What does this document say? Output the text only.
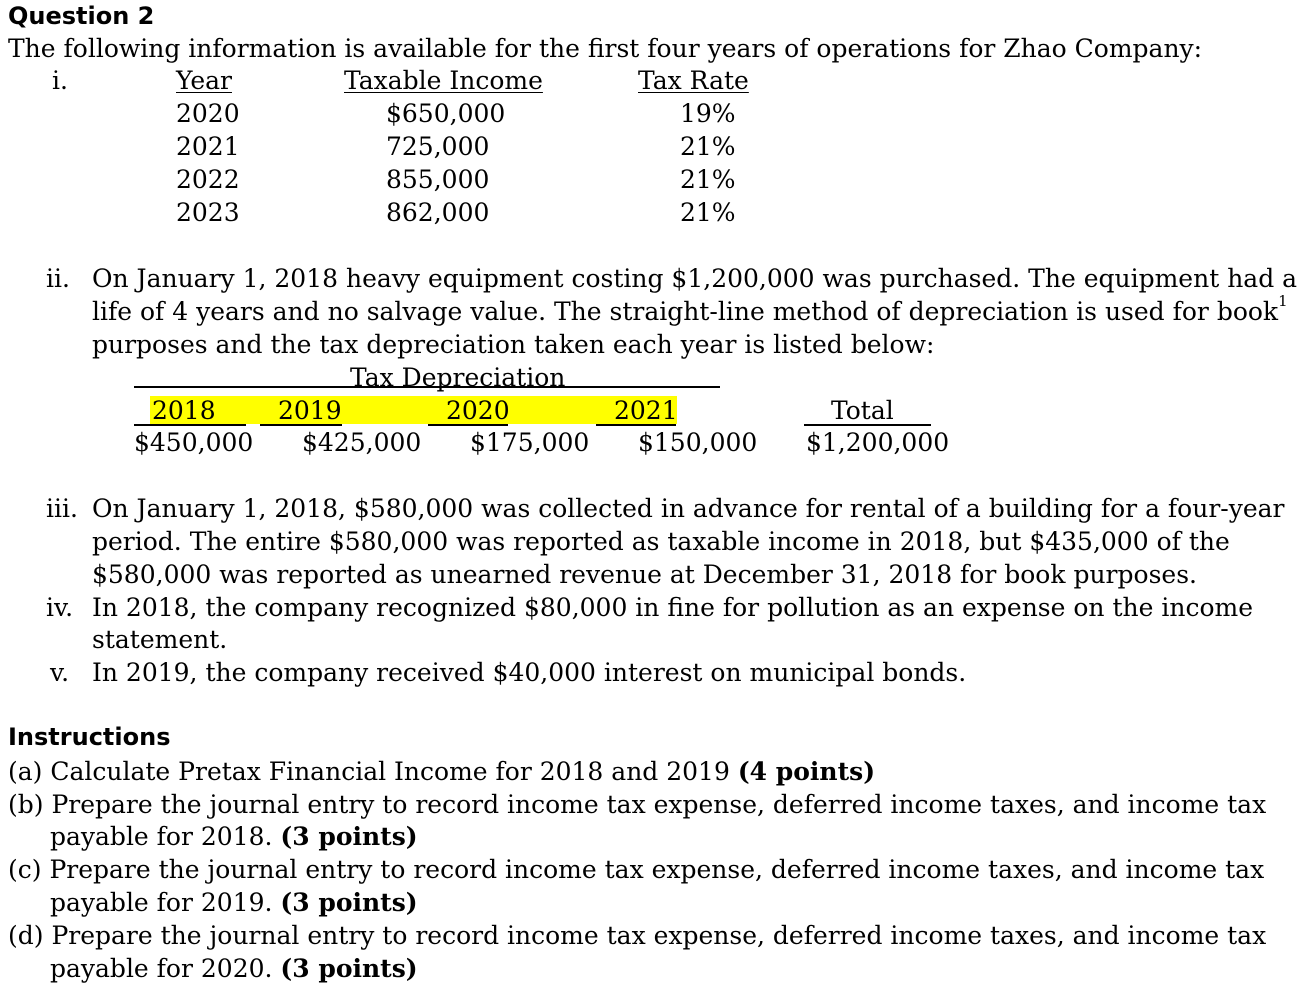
Question 2
The following information is available for the first four years of operations for Zhao Company:
i.	Year	Taxable Income	Tax Rate
2020	$650,000	19%
2021	725,000	21%
2022	855,000	21%
2023	862,000	21%
ii. On January 1, 2018 heavy equipment costing $1,200,000 was purchased. The equipment had a
life of 4 years and no salvage value. The straight-line method of depreciation is used for book$^1$
purposes and the tax depreciation taken each year is listed below:
Tax Depreciation
2018 2019	2020	2021	Total
$450,000 $425,000 $175,000 $150,000 $1,200,000
iii. On January 1, 2018, $580,000 was collected in advance for rental of a building for a four-year
period. The entire $580,000 was reported as taxable income in 2018, but $435,000 of the
$580,000 was reported as unearned revenue at December 31, 2018 for book purposes.
iv. In 2018, the company recognized $80,000 in fine for pollution as an expense on the income
statement.
v. In 2019, the company received $40,000 interest on municipal bonds.
Instructions
(a) Calculate Pretax Financial Income for 2018 and 2019 (4 points)
(b) Prepare the journal entry to record income tax expense, deferred income taxes, and income tax
payable for 2018. (3 points)
(c) Prepare the journal entry to record income tax expense, deferred income taxes, and income tax
payable for 2019. (3 points)
(d) Prepare the journal entry to record income tax expense, deferred income taxes, and income tax
payable for 2020. (3 points)
